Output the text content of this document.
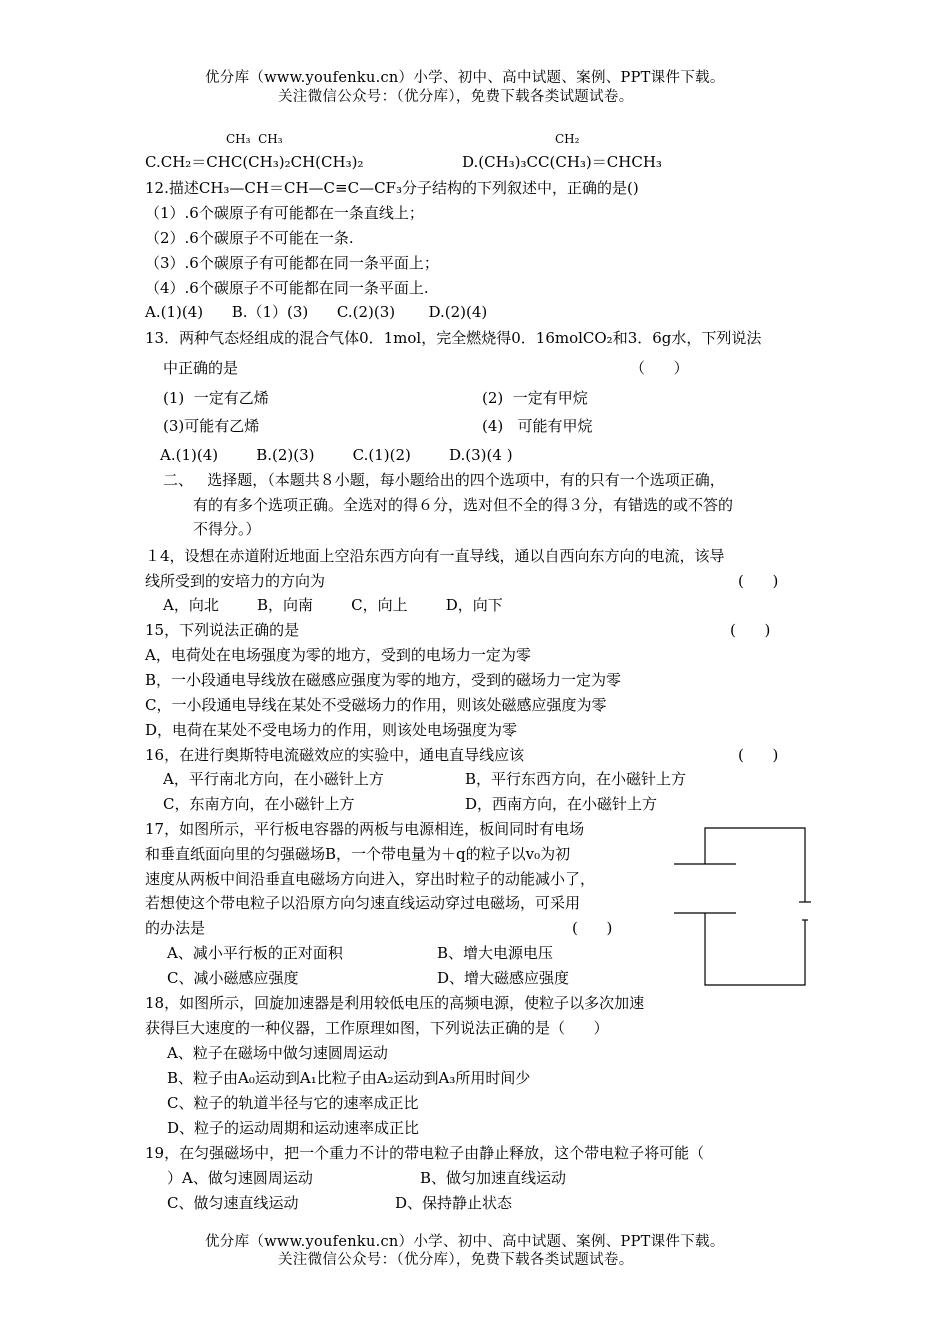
优分库（www.youfenku.cn）小学、初中、高中试题、案例、PPT课件下载。
关注微信公众号：（优分库），免费下载各类试题试卷。
CH₃  CH₃	CH₂
C.CH₂＝CHC(CH₃)₂CH(CH₃)₂	D.(CH₃)₃CC(CH₃)＝CHCH₃
12.描述CH₃—CH＝CH—C≡C—CF₃分子结构的下列叙述中，正确的是()
（1）.6个碳原子有可能都在一条直线上；
（2）.6个碳原子不可能在一条.
（3）.6个碳原子有可能都在同一条平面上；
（4）.6个碳原子不可能都在同一条平面上.
A.(1)(4)      B.（1）(3)      C.(2)(3)       D.(2)(4)
13．两种气态烃组成的混合气体0．1mol，完全燃烧得0．16molCO₂和3．6g水，下列说法
中正确的是	（      ）
(1)  一定有乙烯	(2)  一定有甲烷
(3)可能有乙烯	(4)   可能有甲烷
A.(1)(4)        B.(2)(3)        C.(1)(2)        D.(3)(4 )
二、   选择题，（本题共８小题，每小题给出的四个选项中，有的只有一个选项正确，
有的有多个选项正确。全选对的得６分，选对但不全的得３分，有错选的或不答的
不得分。）
１4，设想在赤道附近地面上空沿东西方向有一直导线，通以自西向东方向的电流，该导
线所受到的安培力的方向为	(      )
A，向北        B，向南        C，向上        D，向下
15，下列说法正确的是	(      )
A，电荷处在电场强度为零的地方，受到的电场力一定为零
B，一小段通电导线放在磁感应强度为零的地方，受到的磁场力一定为零
C，一小段通电导线在某处不受磁场力的作用，则该处磁感应强度为零
D，电荷在某处不受电场力的作用，则该处电场强度为零
16，在进行奥斯特电流磁效应的实验中，通电直导线应该	(      )
A，平行南北方向，在小磁针上方	B，平行东西方向，在小磁针上方
C，东南方向，在小磁针上方	D，西南方向，在小磁针上方
17，如图所示，平行板电容器的两板与电源相连，板间同时有电场
和垂直纸面向里的匀强磁场B，一个带电量为＋q的粒子以v₀为初
速度从两板中间沿垂直电磁场方向进入，穿出时粒子的动能减小了，
若想使这个带电粒子以沿原方向匀速直线运动穿过电磁场，可采用
的办法是	(      )
A、减小平行板的正对面积	B、增大电源电压
C、减小磁感应强度	D、增大磁感应强度
18，如图所示，回旋加速器是利用较低电压的高频电源，使粒子以多次加速
获得巨大速度的一种仪器，工作原理如图，下列说法正确的是（      ）
A、粒子在磁场中做匀速圆周运动
B、粒子由A₀运动到A₁比粒子由A₂运动到A₃所用时间少
C、粒子的轨道半径与它的速率成正比
D、粒子的运动周期和运动速率成正比
19，在匀强磁场中，把一个重力不计的带电粒子由静止释放，这个带电粒子将可能（
）A、做匀速圆周运动	B、做匀加速直线运动
C、做匀速直线运动	D、保持静止状态
优分库（www.youfenku.cn）小学、初中、高中试题、案例、PPT课件下载。
关注微信公众号：（优分库），免费下载各类试题试卷。
